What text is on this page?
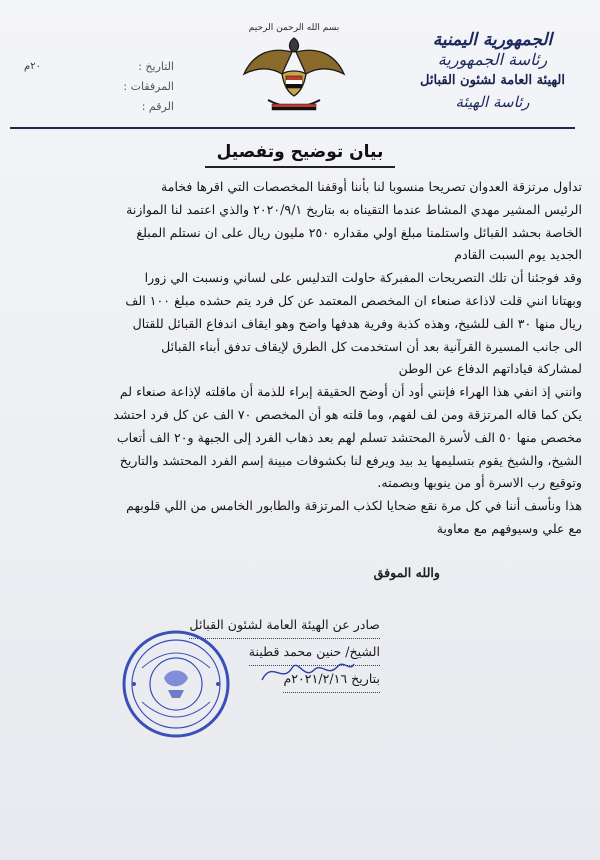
الجمهورية اليمنية
رئاسة الجمهورية
الهيئة العامة لشئون القبائل
رئاسة الهيئة
بسم الله الرحمن الرحيم
التاريخ :
٢٠م
المرفقات :
الرقم :
بيان توضيح وتفصيل
تداول مرتزقة العدوان تصريحا منسوبا لنا بأننا أوقفنا المخصصات التي اقرها فخامة
الرئيس المشير مهدي المشاط عندما التقيناه به بتاريخ ٢٠٢٠/٩/١ والذي اعتمد لنا الموازنة
الخاصة بحشد القبائل واستلمنا مبلغ اولي مقداره ٢٥٠ مليون ريال على ان نستلم المبلغ
الجديد يوم السبت القادم
وقد فوجئنا أن تلك التصريحات المفبركة حاولت التدليس على لساني ونسبت الي زورا
وبهتانا انني قلت لاذاعة صنعاء ان المخصص المعتمد عن كل فرد يتم حشده مبلغ ١٠٠ الف
ريال منها ٣٠ الف للشيخ، وهذه كذبة وفرية هدفها واضح وهو ايقاف اندفاع القبائل للقتال
الى جانب المسيرة القرآنية بعد أن استخدمت كل الطرق لإيقاف تدفق أبناء القبائل
لمشاركة قياداتهم الدفاع عن الوطن
وانني إذ انفي هذا الهراء فإنني أود أن أوضح الحقيقة إبراء للذمة أن ماقلته لإذاعة صنعاء لم
يكن كما قاله المرتزقة ومن لف لفهم، وما قلته هو أن المخصص ٧٠ الف عن كل فرد احتشد
مخصص منها ٥٠ الف لأسرة المحتشد تسلم لهم بعد ذهاب الفرد إلى الجبهة و٢٠ الف أتعاب
الشيخ، والشيخ يقوم بتسليمها يد بيد ويرفع لنا بكشوفات مبينة إسم الفرد المحتشد والتاريخ
وتوقيع رب الاسرة أو من ينوبها وبصمته.
هذا ونأسف أننا في كل مرة نقع ضحايا لكذب المرتزقة والطابور الخامس من اللي قلوبهم
مع علي وسيوفهم مع معاوية
والله الموفق
صادر عن الهيئة العامة لشئون القبائل
الشيخ/ حنين محمد قطينة
بتاريخ ٢٠٢١/٢/١٦م
